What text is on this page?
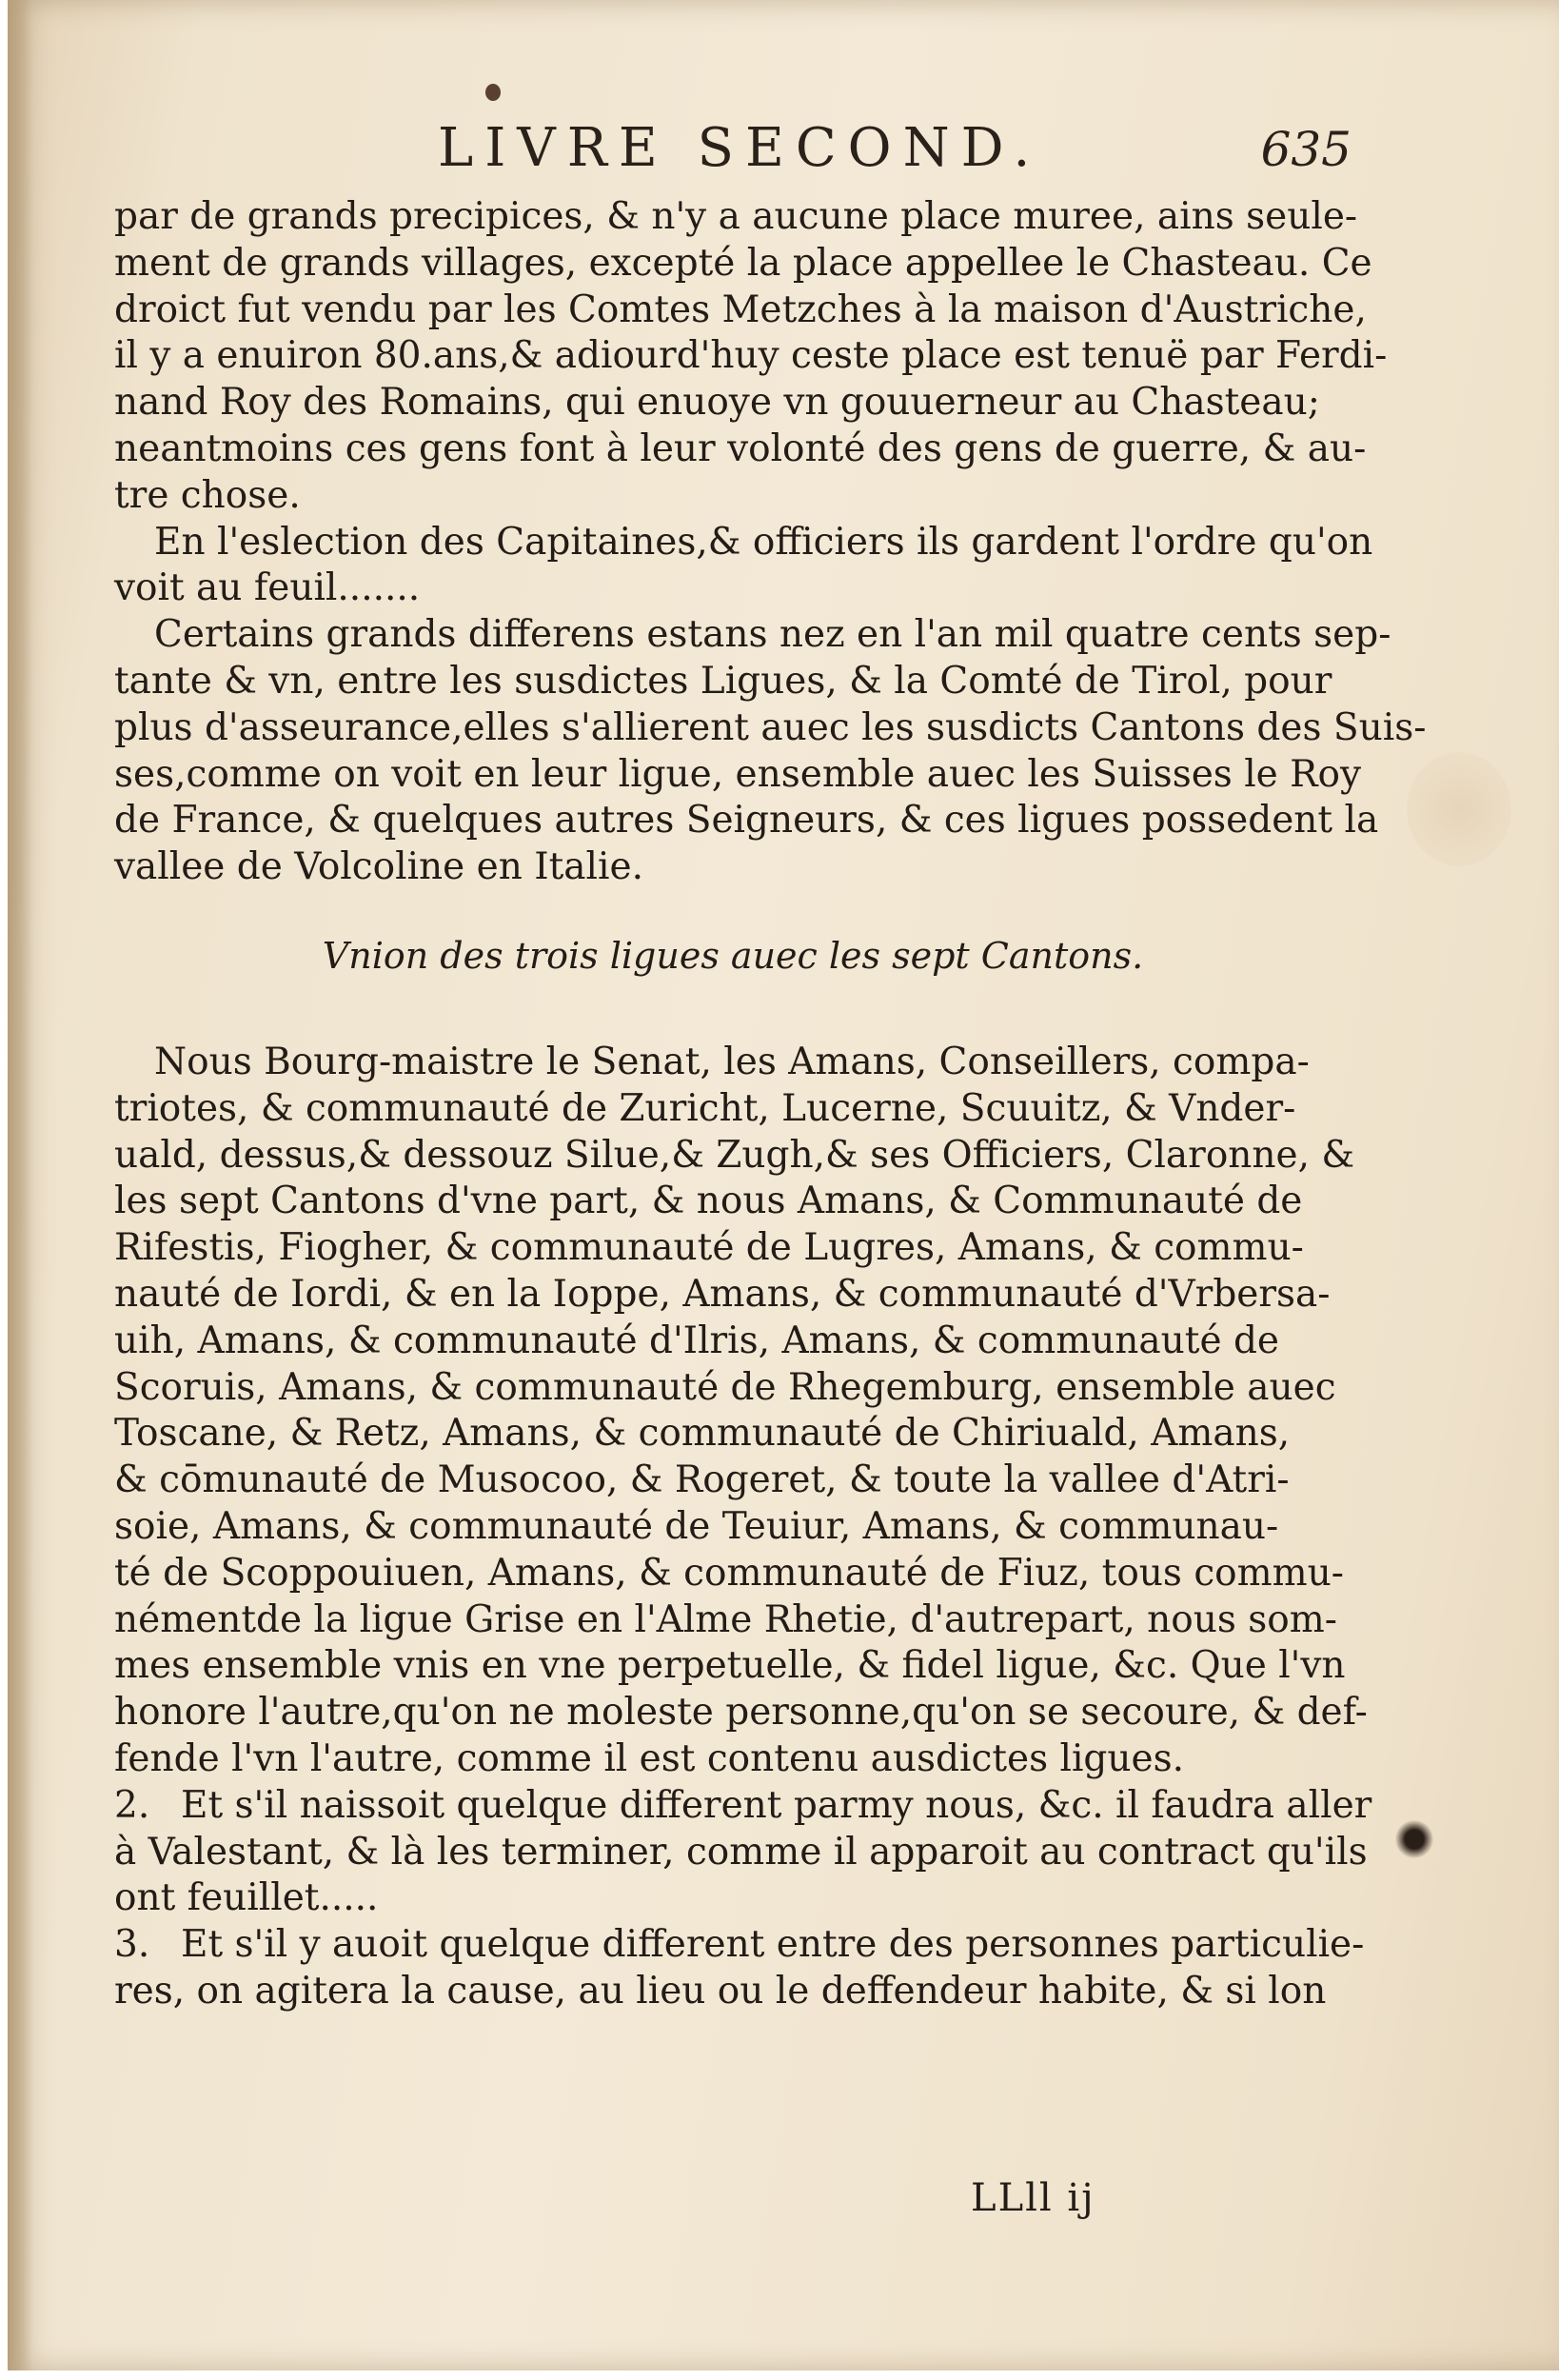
LIVRE SECOND.	635

par de grands precipices, & n'y a aucune place muree, ains seule-
ment de grands villages, excepté la place appellee le Chasteau. Ce
droict fut vendu par les Comtes Metzches à la maison d'Austriche,
il y a enuiron 80.ans,& adiourd'huy ceste place est tenuë par Ferdi-
nand Roy des Romains, qui enuoye vn gouuerneur au Chasteau;
neantmoins ces gens font à leur volonté des gens de guerre, & au-
tre chose.

En l'eslection des Capitaines,& officiers ils gardent l'ordre qu'on
voit au feuil.......

Certains grands differens estans nez en l'an mil quatre cents sep-
tante & vn, entre les susdictes Ligues, & la Comté de Tirol, pour
plus d'asseurance,elles s'allierent auec les susdicts Cantons des Suis-
ses,comme on voit en leur ligue, ensemble auec les Suisses le Roy
de France, & quelques autres Seigneurs, & ces ligues possedent la
vallee de Volcoline en Italie.

Vnion des trois ligues auec les sept Cantons.

Nous Bourg-maistre le Senat, les Amans, Conseillers, compa-
triotes, & communauté de Zuricht, Lucerne, Scuuitz, & Vnder-
uald, dessus,& dessouz Silue,& Zugh,& ses Officiers, Claronne, &
les sept Cantons d'vne part, & nous Amans, & Communauté de
Rifestis, Fiogher, & communauté de Lugres, Amans, & commu-
nauté de Iordi, & en la Ioppe, Amans, & communauté d'Vrbersa-
uih, Amans, & communauté d'Ilris, Amans, & communauté de
Scoruis, Amans, & communauté de Rhegemburg, ensemble auec
Toscane, & Retz, Amans, & communauté de Chiriuald, Amans,
& cōmunauté de Musocoo, & Rogeret, & toute la vallee d'Atri-
soie, Amans, & communauté de Teuiur, Amans, & communau-
té de Scoppouiuen, Amans, & communauté de Fiuz, tous commu-
némentde la ligue Grise en l'Alme Rhetie, d'autrepart, nous som-
mes ensemble vnis en vne perpetuelle, & fidel ligue, &c. Que l'vn
honore l'autre,qu'on ne moleste personne,qu'on se secoure, & def-
fende l'vn l'autre, comme il est contenu ausdictes ligues.

2. Et s'il naissoit quelque different parmy nous, &c. il faudra aller
à Valestant, & là les terminer, comme il apparoit au contract qu'ils
ont feuillet.....

3. Et s'il y auoit quelque different entre des personnes particulie-
res, on agitera la cause, au lieu ou le deffendeur habite, & si lon

LLll ij
